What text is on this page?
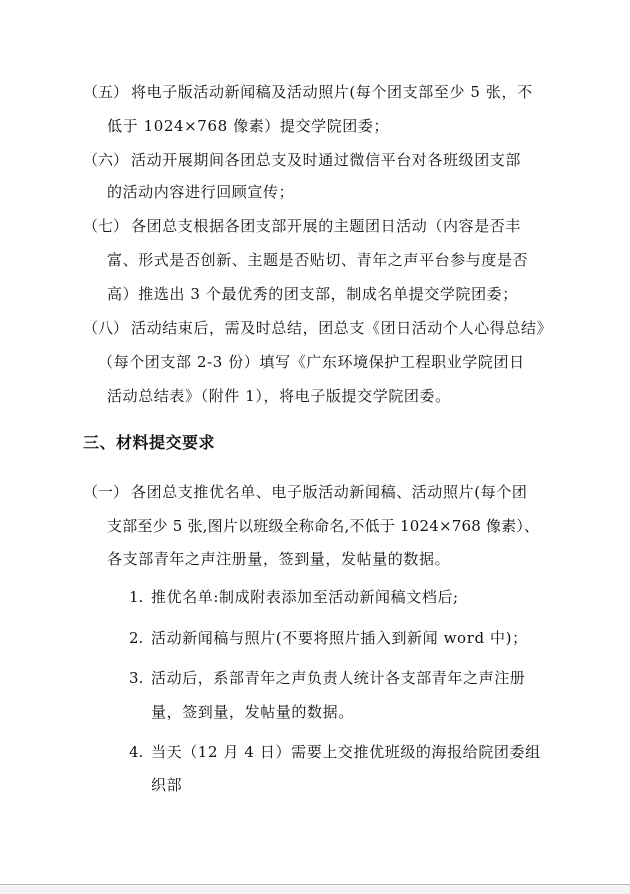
（五） 将电子版活动新闻稿及活动照片(每个团支部至少 5 张，不
低于 1024×768 像素）提交学院团委；
（六） 活动开展期间各团总支及时通过微信平台对各班级团支部
的活动内容进行回顾宣传；
（七） 各团总支根据各团支部开展的主题团日活动（内容是否丰
富、形式是否创新、主题是否贴切、青年之声平台参与度是否
高）推选出 3 个最优秀的团支部，制成名单提交学院团委；
（八） 活动结束后，需及时总结，团总支《团日活动个人心得总结》
（每个团支部 2-3 份）填写《广东环境保护工程职业学院团日
活动总结表》（附件 1），将电子版提交学院团委。
三、材料提交要求
（一） 各团总支推优名单、电子版活动新闻稿、活动照片(每个团
支部至少 5 张,图片以班级全称命名,不低于 1024×768 像素）、
各支部青年之声注册量，签到量，发帖量的数据。
1. 推优名单:制成附表添加至活动新闻稿文档后;
2. 活动新闻稿与照片(不要将照片插入到新闻 word 中)；
3. 活动后，系部青年之声负责人统计各支部青年之声注册
量，签到量，发帖量的数据。
4. 当天（12 月 4 日）需要上交推优班级的海报给院团委组
织部
